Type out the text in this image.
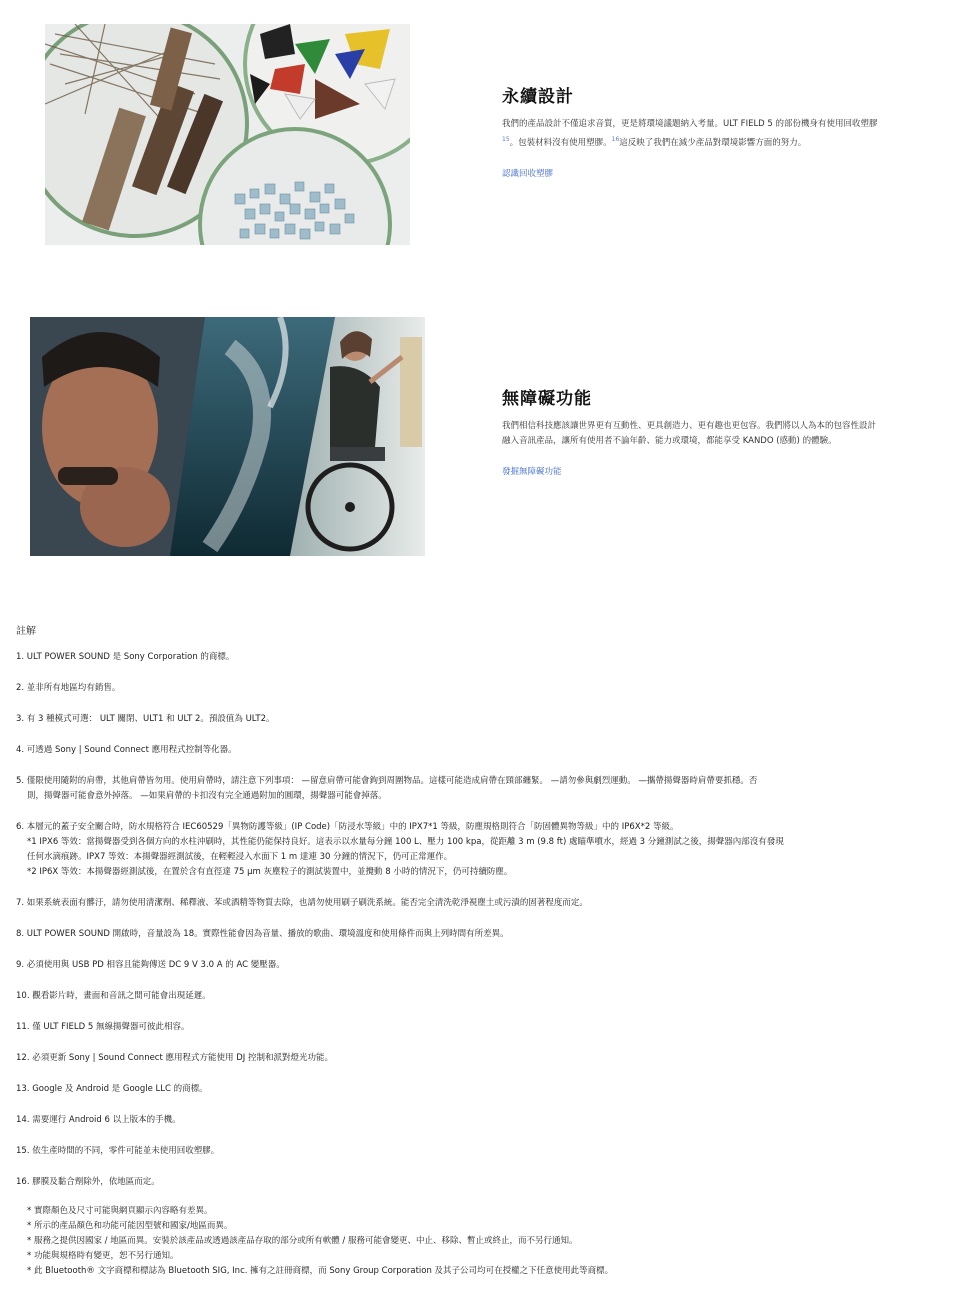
永續設計

我們的產品設計不僅追求音質，更是將環境議題納入考量。ULT FIELD 5 的部份機身有使用回收塑膠$^{15}$。包裝材料沒有使用塑膠。$^{16}$這反映了我們在減少產品對環境影響方面的努力。

認識回收塑膠
無障礙功能

我們相信科技應該讓世界更有互動性、更具創造力、更有趣也更包容。我們將以人為本的包容性設計融入音訊產品，讓所有使用者不論年齡、能力或環境，都能享受 KANDO (感動) 的體驗。

發掘無障礙功能
註解
1. ULT POWER SOUND 是 Sony Corporation 的商標。
2. 並非所有地區均有銷售。
3. 有 3 種模式可選： ULT 關閉、ULT1 和 ULT 2。預設值為 ULT2。
4. 可透過 Sony | Sound Connect 應用程式控制等化器。
5. 僅限使用隨附的肩帶，其他肩帶皆勿用。使用肩帶時，請注意下列事項： —留意肩帶可能會鉤到周圍物品。這樣可能造成肩帶在頸部纏緊。 —請勿參與劇烈運動。 —攜帶揚聲器時肩帶要抓穩。否
則，揚聲器可能會意外掉落。 —如果肩帶的卡扣沒有完全通過附加的圓環，揚聲器可能會掉落。
6. 本層元的蓋子安全關合時，防水規格符合 IEC60529「異物防護等級」(IP Code)「防浸水等級」中的 IPX7*1 等級，防塵規格則符合「防固體異物等級」中的 IP6X*2 等級。
*1 IPX6 等效：當揚聲器受到各個方向的水柱沖刷時，其性能仍能保持良好。這表示以水量每分鐘 100 L、壓力 100 kpa，從距離 3 m (9.8 ft) 處瞄準噴水，經過 3 分鐘測試之後，揚聲器內部沒有發現
任何水滴痕跡。IPX7 等效：本揚聲器經測試後，在輕輕浸入水面下 1 m 達連 30 分鐘的情況下，仍可正常運作。
*2 IP6X 等效：本揚聲器經測試後，在置於含有直徑達 75 μm 灰塵粒子的測試裝置中，並攪動 8 小時的情況下，仍可持續防塵。
7. 如果系統表面有髒汙，請勿使用清潔劑、稀釋液、苯或酒精等物質去除，也請勿使用刷子刷洗系統。能否完全清洗乾淨視塵土或污漬的固著程度而定。
8. ULT POWER SOUND 開啟時，音量設為 18。實際性能會因為音量、播放的歌曲、環境溫度和使用條件而與上列時間有所差異。
9. 必須使用與 USB PD 相容且能夠傳送 DC 9 V 3.0 A 的 AC 變壓器。
10. 觀看影片時，畫面和音訊之間可能會出現延遲。
11. 僅 ULT FIELD 5 無線揚聲器可彼此相容。
12. 必須更新 Sony | Sound Connect 應用程式方能使用 DJ 控制和派對燈光功能。
13. Google 及 Android 是 Google LLC 的商標。
14. 需要運行 Android 6 以上版本的手機。
15. 依生產時間的不同，零件可能並未使用回收塑膠。
16. 膠膜及黏合劑除外，依地區而定。
* 實際顏色及尺寸可能與網頁顯示內容略有差異。
* 所示的產品顏色和功能可能因型號和國家/地區而異。
* 服務之提供因國家 / 地區而異。安裝於該產品或透過該產品存取的部分或所有軟體 / 服務可能會變更、中止、移除、暫止或終止，而不另行通知。
* 功能與規格時有變更，恕不另行通知。
* 此 Bluetooth® 文字商標和標誌為 Bluetooth SIG, Inc. 擁有之註冊商標，而 Sony Group Corporation 及其子公司均可在授權之下任意使用此等商標。
